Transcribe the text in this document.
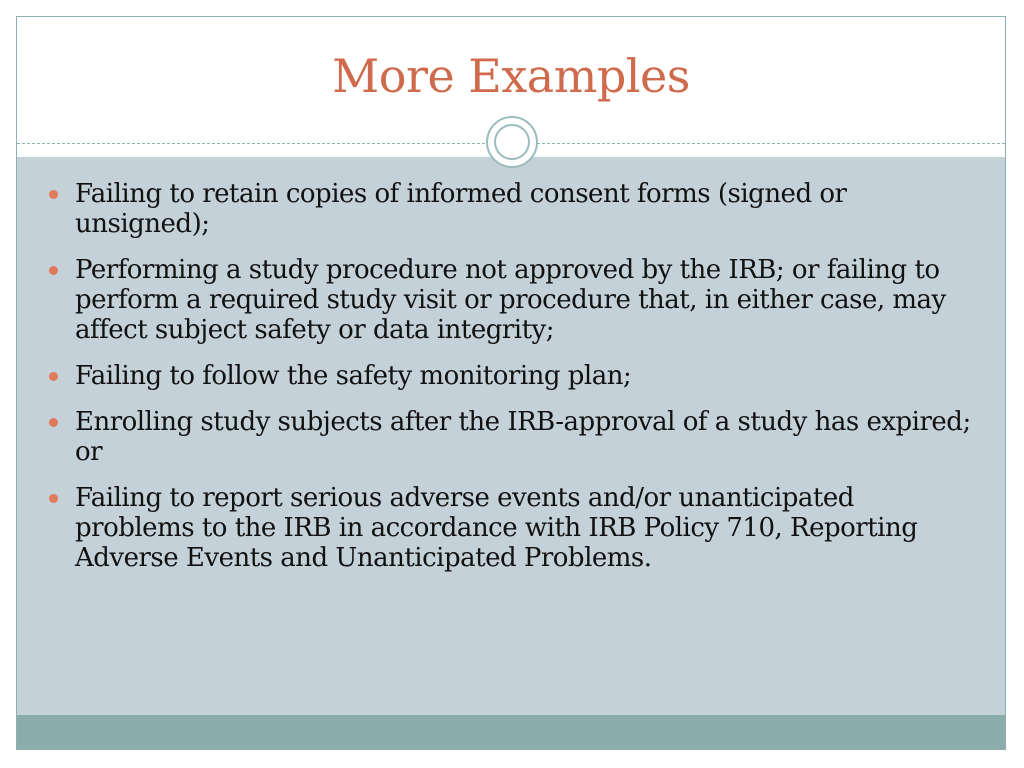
More Examples
Failing to retain copies of informed consent forms (signed or unsigned);
Performing a study procedure not approved by the IRB; or failing to perform a required study visit or procedure that, in either case, may affect subject safety or data integrity;
Failing to follow the safety monitoring plan;
Enrolling study subjects after the IRB-approval of a study has expired; or
Failing to report serious adverse events and/or unanticipated problems to the IRB in accordance with IRB Policy 710, Reporting Adverse Events and Unanticipated Problems.
